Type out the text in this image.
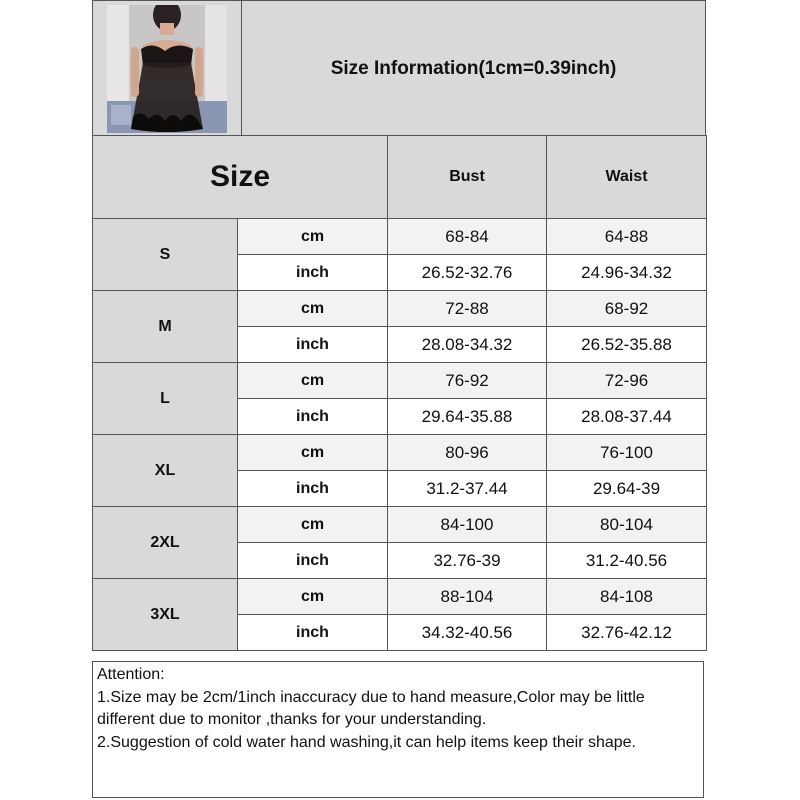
	Size Information(1cm=0.39inch)
Size		Bust	Waist
S	cm	68-84	64-88
	inch	26.52-32.76	24.96-34.32
M	cm	72-88	68-92
	inch	28.08-34.32	26.52-35.88
L	cm	76-92	72-96
	inch	29.64-35.88	28.08-37.44
XL	cm	80-96	76-100
	inch	31.2-37.44	29.64-39
2XL	cm	84-100	80-104
	inch	32.76-39	31.2-40.56
3XL	cm	88-104	84-108
	inch	34.32-40.56	32.76-42.12
Attention:
1.Size may be 2cm/1inch inaccuracy due to hand measure,Color may be little
different due to monitor ,thanks for your understanding.
2.Suggestion of cold water hand washing,it can help items keep their shape.
